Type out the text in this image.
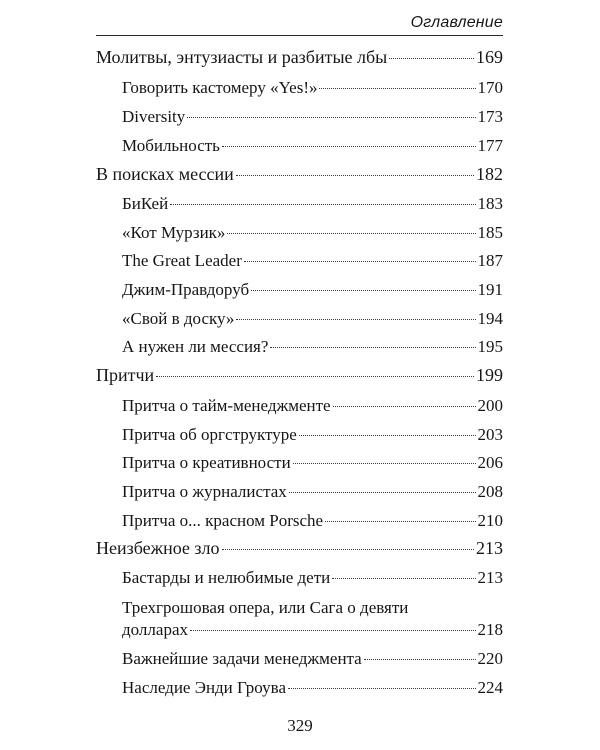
Оглавление
Молитвы, энтузиасты и разбитые лбы	169
Говорить кастомеру «Yes!»	170
Diversity	173
Мобильность	177
В поисках мессии	182
БиКей	183
«Кот Мурзик»	185
The Great Leader	187
Джим-Правдоруб	191
«Свой в доску»	194
А нужен ли мессия?	195
Притчи	199
Притча о тайм-менеджменте	200
Притча об оргструктуре	203
Притча о креативности	206
Притча о журналистах	208
Притча о... красном Porsche	210
Неизбежное зло	213
Бастарды и нелюбимые дети	213
Трехгрошовая опера, или Сага о девяти
долларах	218
Важнейшие задачи менеджмента	220
Наследие Энди Гроува	224
329
